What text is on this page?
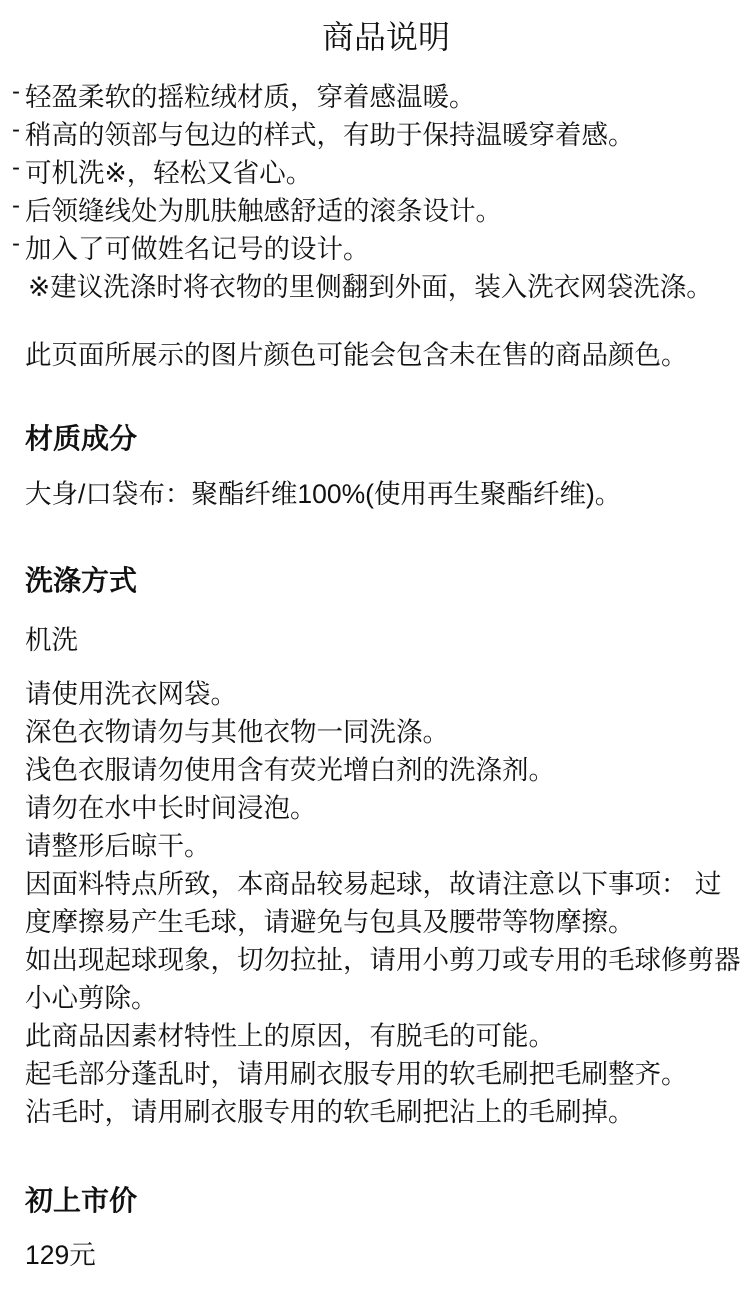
商品说明
- 轻盈柔软的摇粒绒材质，穿着感温暖。
- 稍高的领部与包边的样式，有助于保持温暖穿着感。
- 可机洗※，轻松又省心。
- 后领缝线处为肌肤触感舒适的滚条设计。
- 加入了可做姓名记号的设计。

※建议洗涤时将衣物的里侧翻到外面，装入洗衣网袋洗涤。

此页面所展示的图片颜色可能会包含未在售的商品颜色。

材质成分

大身/口袋布：聚酯纤维100%(使用再生聚酯纤维)。

洗涤方式

机洗

请使用洗衣网袋。

深色衣物请勿与其他衣物一同洗涤。

浅色衣服请勿使用含有荧光增白剂的洗涤剂。

请勿在水中长时间浸泡。

请整形后晾干。

因面料特点所致，本商品较易起球，故请注意以下事项： 过度摩擦易产生毛球，请避免与包具及腰带等物摩擦。

如出现起球现象，切勿拉扯，请用小剪刀或专用的毛球修剪器小心剪除。

此商品因素材特性上的原因，有脱毛的可能。

起毛部分蓬乱时，请用刷衣服专用的软毛刷把毛刷整齐。

沾毛时，请用刷衣服专用的软毛刷把沾上的毛刷掉。

初上市价

129元
